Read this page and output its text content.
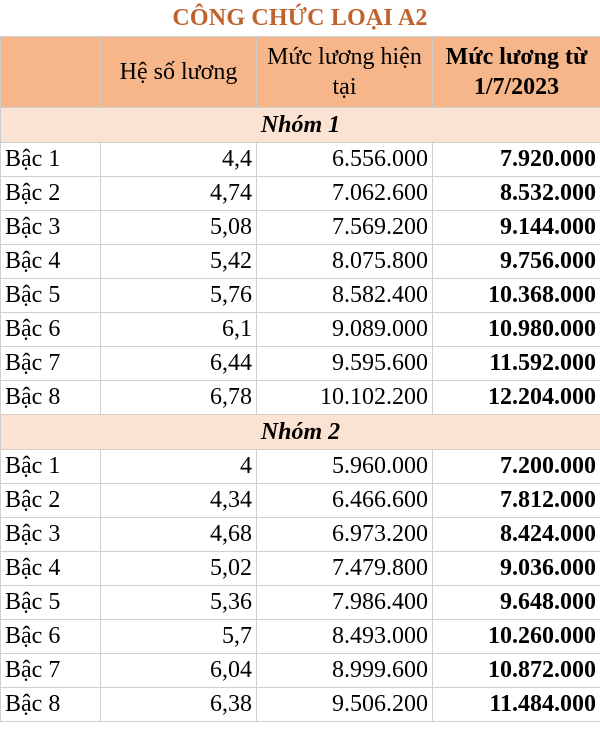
CÔNG CHỨC LOẠI A2
	Hệ số lương	Mức lương hiện tại	Mức lương từ 1/7/2023
Nhóm 1			
Bậc 1	4,4	6.556.000	7.920.000
Bậc 2	4,74	7.062.600	8.532.000
Bậc 3	5,08	7.569.200	9.144.000
Bậc 4	5,42	8.075.800	9.756.000
Bậc 5	5,76	8.582.400	10.368.000
Bậc 6	6,1	9.089.000	10.980.000
Bậc 7	6,44	9.595.600	11.592.000
Bậc 8	6,78	10.102.200	12.204.000
Nhóm 2			
Bậc 1	4	5.960.000	7.200.000
Bậc 2	4,34	6.466.600	7.812.000
Bậc 3	4,68	6.973.200	8.424.000
Bậc 4	5,02	7.479.800	9.036.000
Bậc 5	5,36	7.986.400	9.648.000
Bậc 6	5,7	8.493.000	10.260.000
Bậc 7	6,04	8.999.600	10.872.000
Bậc 8	6,38	9.506.200	11.484.000
